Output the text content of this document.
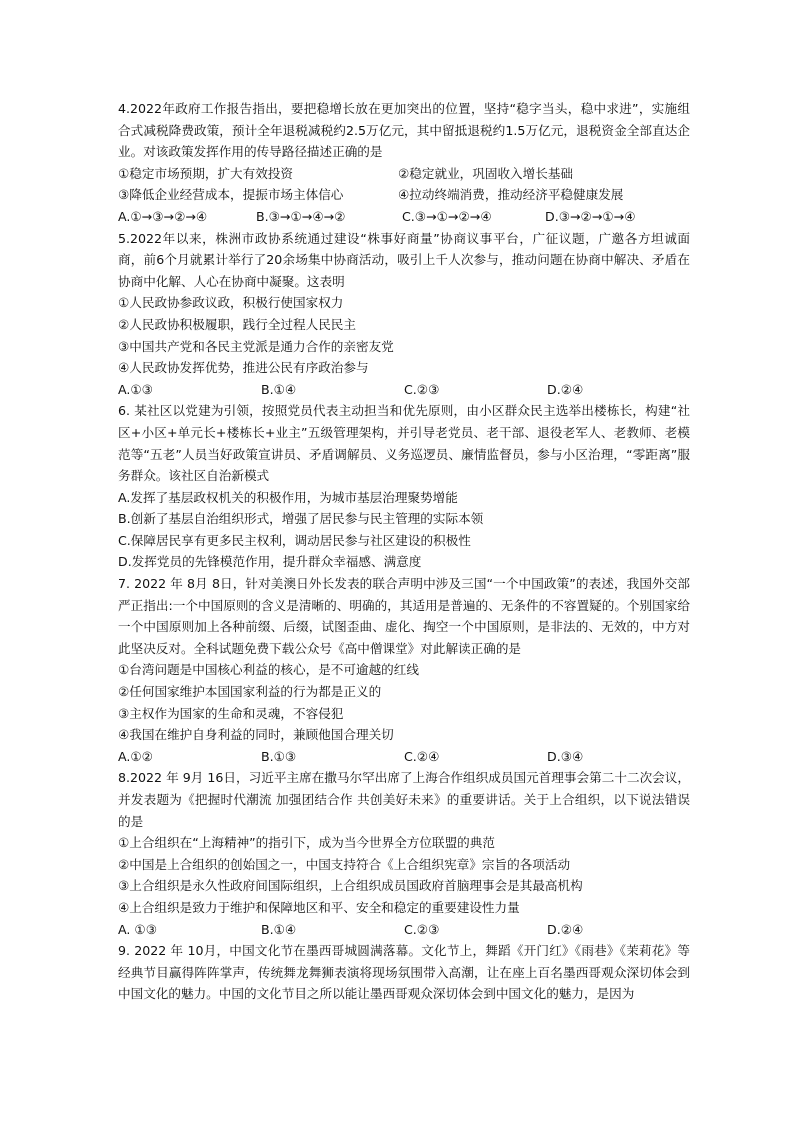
4.2022年政府工作报告指出，要把稳增长放在更加突出的位置，坚持“稳字当头，稳中求进”，实施组合式减税降费政策，预计全年退税减税约2.5万亿元，其中留抵退税约1.5万亿元，退税资金全部直达企业。对该政策发挥作用的传导路径描述正确的是

①稳定市场预期，扩大有效投资	②稳定就业，巩固收入增长基础
③降低企业经营成本，提振市场主体信心	④拉动终端消费，推动经济平稳健康发展
A.①→③→②→④	B.③→①→④→②	C.③→①→②→④	D.③→②→①→④

5.2022年以来，株洲市政协系统通过建设“株事好商量”协商议事平台，广征议题，广邀各方坦诚面商，前6个月就累计举行了20余场集中协商活动，吸引上千人次参与，推动问题在协商中解决、矛盾在协商中化解、人心在协商中凝聚。这表明

①人民政协参政议政，积极行使国家权力

②人民政协积极履职，践行全过程人民民主

③中国共产党和各民主党派是通力合作的亲密友党

④人民政协发挥优势，推进公民有序政治参与

A.①③	B.①④	C.②③	D.②④

6. 某社区以党建为引领，按照党员代表主动担当和优先原则，由小区群众民主选举出楼栋长，构建“社区+小区+单元长+楼栋长+业主”五级管理架构，并引导老党员、老干部、退役老军人、老教师、老模范等“五老”人员当好政策宣讲员、矛盾调解员、义务巡逻员、廉情监督员，参与小区治理，“零距离”服务群众。该社区自治新模式

A.发挥了基层政权机关的积极作用，为城市基层治理聚势增能

B.创新了基层自治组织形式，增强了居民参与民主管理的实际本领

C.保障居民享有更多民主权利，调动居民参与社区建设的积极性

D.发挥党员的先锋模范作用，提升群众幸福感、满意度

7. 2022 年 8月 8日，针对美澳日外长发表的联合声明中涉及三国“一个中国政策”的表述，我国外交部严正指出:一个中国原则的含义是清晰的、明确的，其适用是普遍的、无条件的不容置疑的。个别国家给一个中国原则加上各种前缀、后缀，试图歪曲、虚化、掏空一个中国原则，是非法的、无效的，中方对此坚决反对。全科试题免费下载公众号《高中僧课堂》对此解读正确的是

①台湾问题是中国核心利益的核心，是不可逾越的红线

②任何国家维护本国国家利益的行为都是正义的

③主权作为国家的生命和灵魂，不容侵犯

④我国在维护自身利益的同时，兼顾他国合理关切

A.①②	B.①③	C.②④	D.③④

8.2022 年 9月 16日，习近平主席在撒马尔罕出席了上海合作组织成员国元首理事会第二十二次会议，并发表题为《把握时代潮流 加强团结合作 共创美好未来》的重要讲话。关于上合组织，以下说法错误的是

①上合组织在“上海精神”的指引下，成为当今世界全方位联盟的典范

②中国是上合组织的创始国之一，中国支持符合《上合组织宪章》宗旨的各项活动

③上合组织是永久性政府间国际组织，上合组织成员国政府首脑理事会是其最高机构

④上合组织是致力于维护和保障地区和平、安全和稳定的重要建设性力量

A. ①③	B.①④	C.②③	D.②④

9. 2022 年 10月，中国文化节在墨西哥城圆满落幕。文化节上，舞蹈《开门红》《雨巷》《茉莉花》等经典节目赢得阵阵掌声，传统舞龙舞狮表演将现场氛围带入高潮，让在座上百名墨西哥观众深切体会到中国文化的魅力。中国的文化节目之所以能让墨西哥观众深切体会到中国文化的魅力，是因为
